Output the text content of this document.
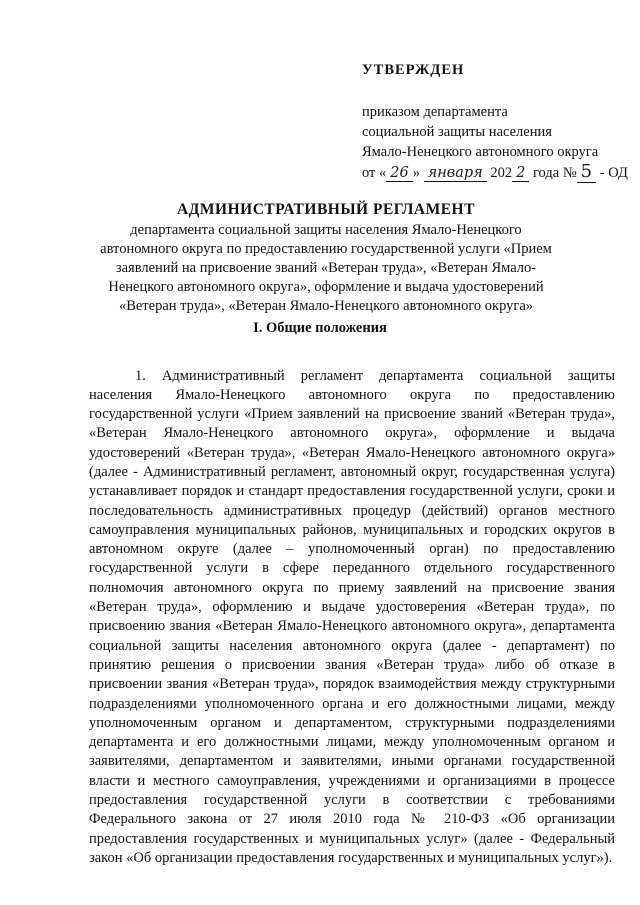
УТВЕРЖДЕН
приказом департамента
социальной защиты населения
Ямало-Ненецкого автономного округа
от « 26 » января 202 2 года № 5 - ОД
АДМИНИСТРАТИВНЫЙ РЕГЛАМЕНТ
департамента социальной защиты населения Ямало-Ненецкого автономного округа по предоставлению государственной услуги «Прием заявлений на присвоение званий «Ветеран труда», «Ветеран Ямало-Ненецкого автономного округа», оформление и выдача удостоверений «Ветеран труда», «Ветеран Ямало-Ненецкого автономного округа»
I. Общие положения

1. Административный регламент департамента социальной защиты населения Ямало-Ненецкого автономного округа по предоставлению государственной услуги «Прием заявлений на присвоение званий «Ветеран труда», «Ветеран Ямало-Ненецкого автономного округа», оформление и выдача удостоверений «Ветеран труда», «Ветеран Ямало-Ненецкого автономного округа» (далее - Административный регламент, автономный округ, государственная услуга) устанавливает порядок и стандарт предоставления государственной услуги, сроки и последовательность административных процедур (действий) органов местного самоуправления муниципальных районов, муниципальных и городских округов в автономном округе (далее – уполномоченный орган) по предоставлению государственной услуги в сфере переданного отдельного государственного полномочия автономного округа по приему заявлений на присвоение звания «Ветеран труда», оформлению и выдаче удостоверения «Ветеран труда», по присвоению звания «Ветеран Ямало-Ненецкого автономного округа», департамента социальной защиты населения автономного округа (далее - департамент) по принятию решения о присвоении звания «Ветеран труда» либо об отказе в присвоении звания «Ветеран труда», порядок взаимодействия между структурными подразделениями уполномоченного органа и его должностными лицами, между уполномоченным органом и департаментом, структурными подразделениями департамента и его должностными лицами, между уполномоченным органом и заявителями, департаментом и заявителями, иными органами государственной власти и местного самоуправления, учреждениями и организациями в процессе предоставления государственной услуги в соответствии с требованиями Федерального закона от 27 июля 2010 года № 210-ФЗ «Об организации предоставления государственных и муниципальных услуг» (далее - Федеральный закон «Об организации предоставления государственных и муниципальных услуг»).
